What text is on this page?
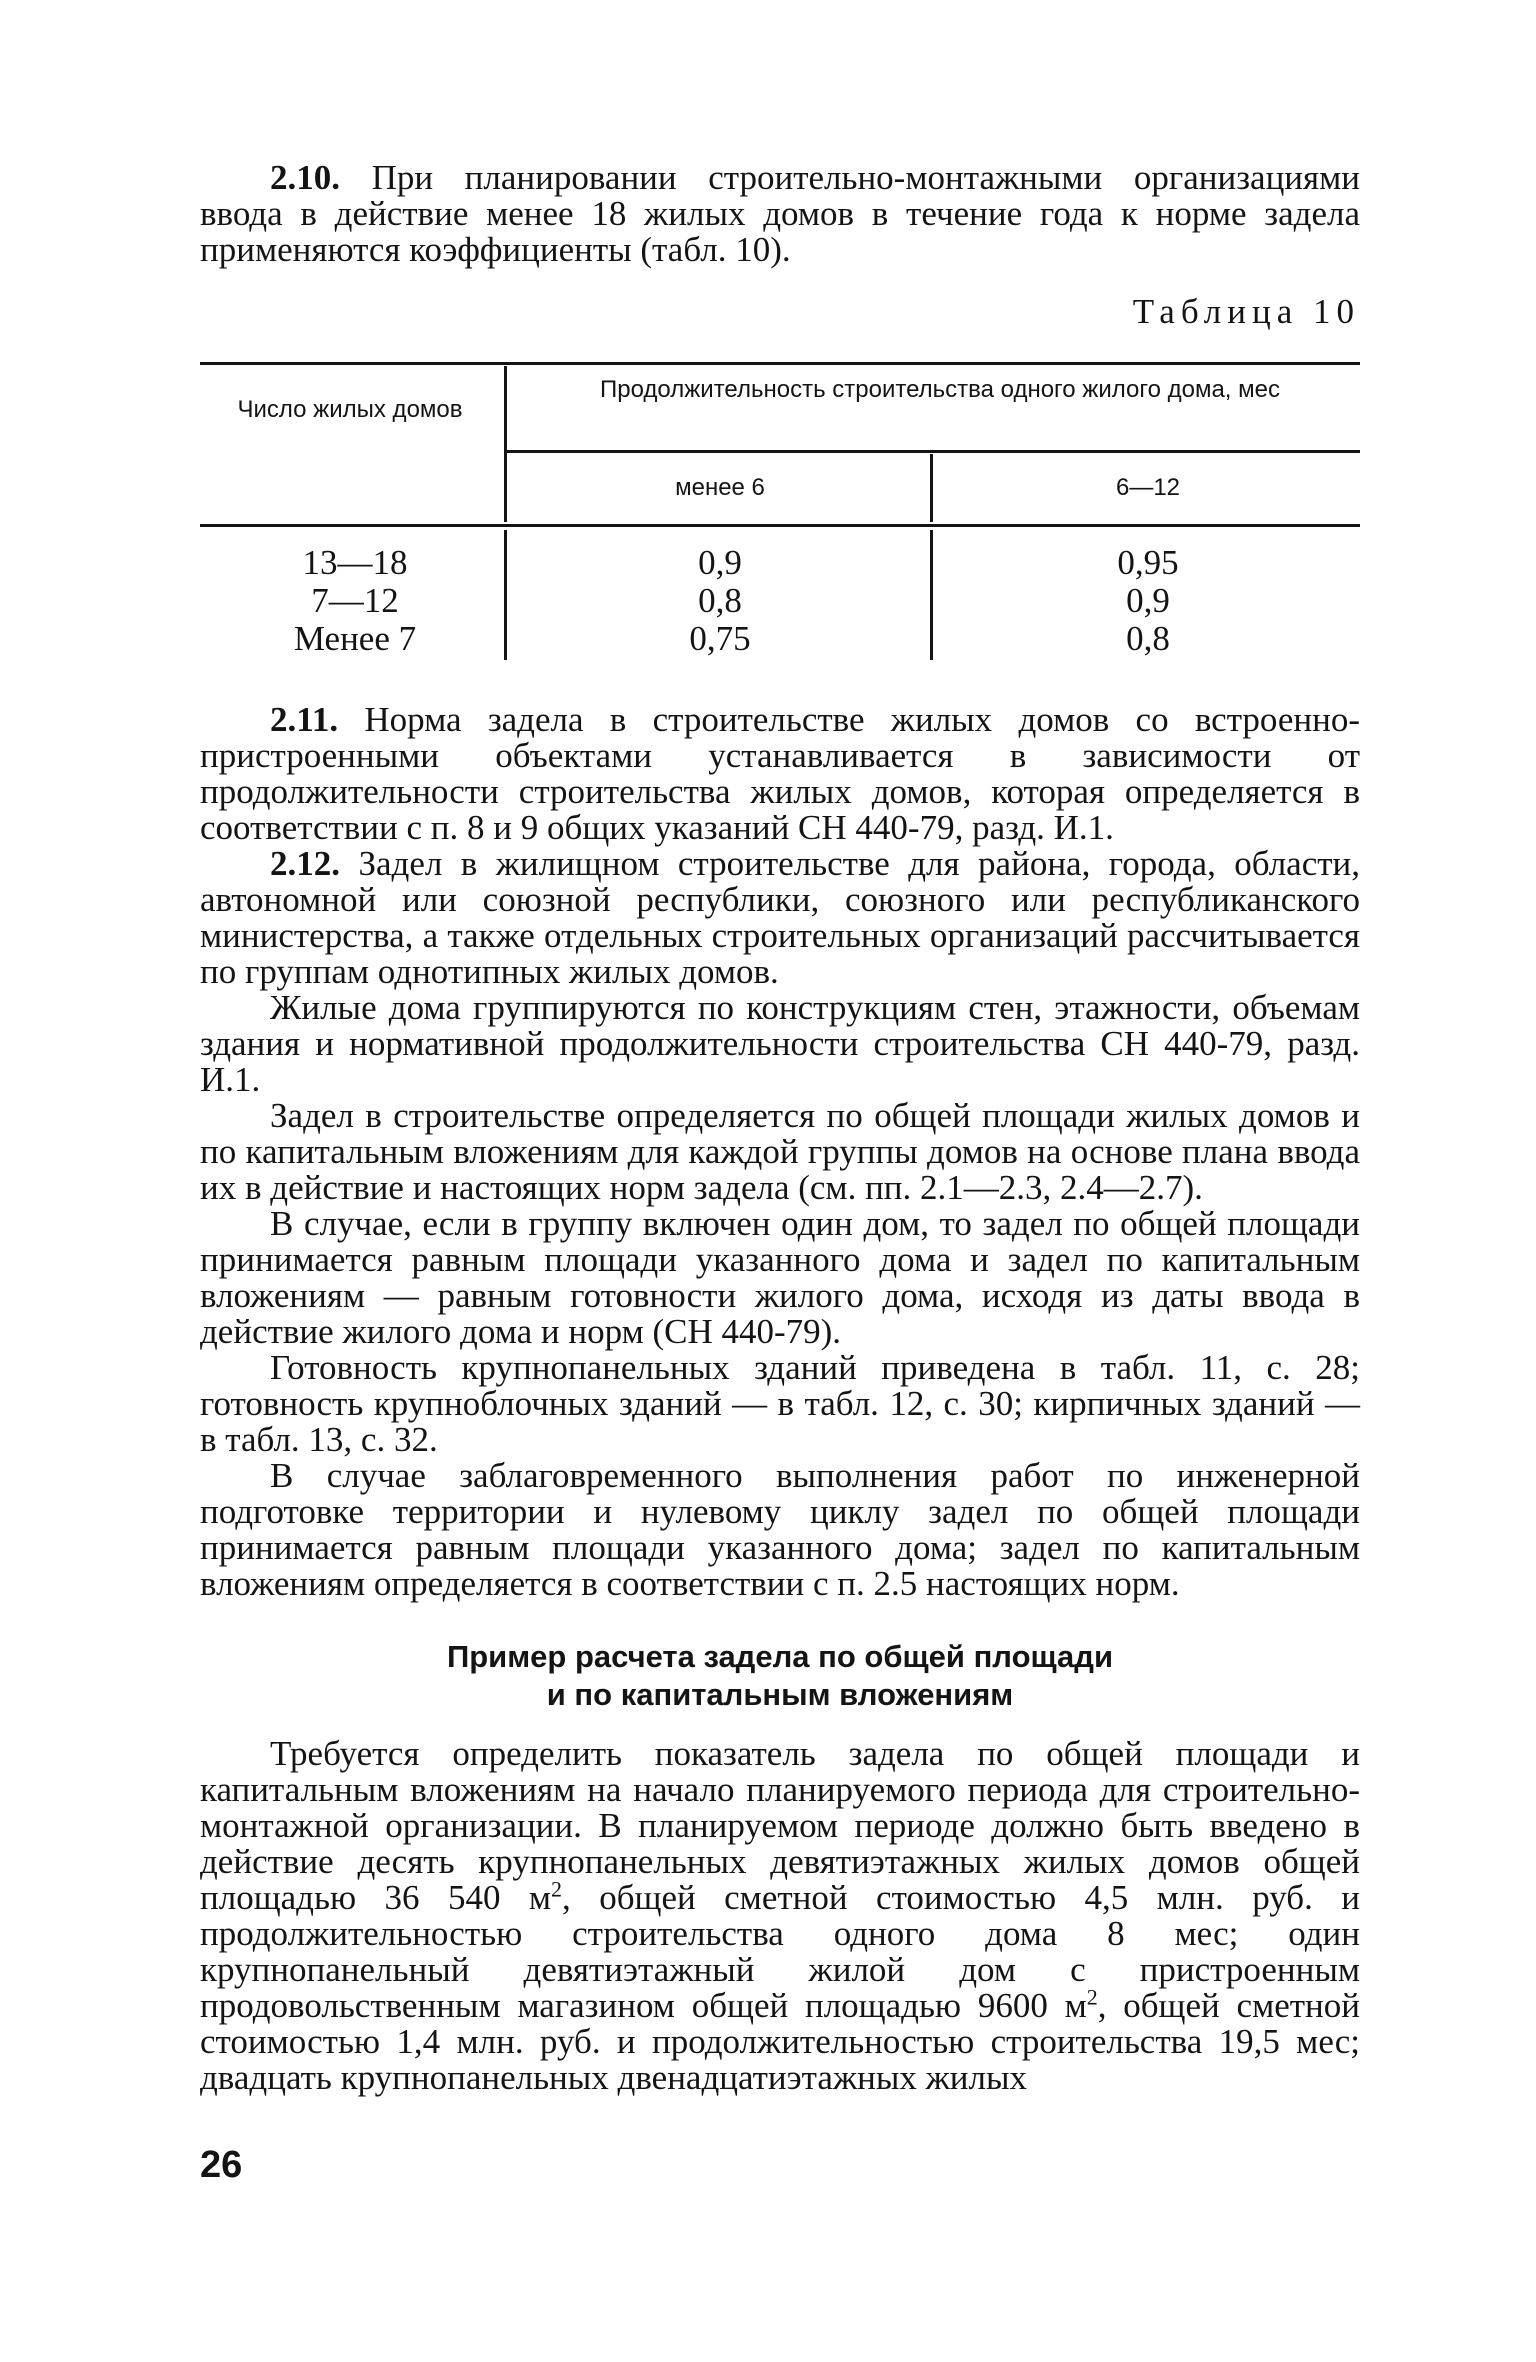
2.10. При планировании строительно-монтажными организациями ввода в действие менее 18 жилых домов в течение года к норме задела применяются коэффициенты (табл. 10).

Таблица 10
Число жилых домов
Продолжительность строительства одного жилого дома, мес
менее 6	6—12
13—18
7—12
Менее 7
0,9
0,8
0,75
0,95
0,9
0,8

2.11. Норма задела в строительстве жилых домов со встроенно-пристроенными объектами устанавливается в зависимости от продолжительности строительства жилых домов, которая определяется в соответствии с п. 8 и 9 общих указаний СН 440-79, разд. И.1.

2.12. Задел в жилищном строительстве для района, города, области, автономной или союзной республики, союзного или республиканского министерства, а также отдельных строительных организаций рассчитывается по группам однотипных жилых домов.

Жилые дома группируются по конструкциям стен, этажности, объемам здания и нормативной продолжительности строительства СН 440-79, разд. И.1.

Задел в строительстве определяется по общей площади жилых домов и по капитальным вложениям для каждой группы домов на основе плана ввода их в действие и настоящих норм задела (см. пп. 2.1—2.3, 2.4—2.7).

В случае, если в группу включен один дом, то задел по общей площади принимается равным площади указанного дома и задел по капитальным вложениям — равным готовности жилого дома, исходя из даты ввода в действие жилого дома и норм (СН 440-79).

Готовность крупнопанельных зданий приведена в табл. 11, с. 28; готовность крупноблочных зданий — в табл. 12, с. 30; кирпичных зданий — в табл. 13, с. 32.

В случае заблаговременного выполнения работ по инженерной подготовке территории и нулевому циклу задел по общей площади принимается равным площади указанного дома; задел по капитальным вложениям определяется в соответствии с п. 2.5 настоящих норм.

Пример расчета задела по общей площади
и по капитальным вложениям

Требуется определить показатель задела по общей площади и капитальным вложениям на начало планируемого периода для строительно-монтажной организации. В планируемом периоде должно быть введено в действие десять крупнопанельных девятиэтажных жилых домов общей площадью 36 540 $м^2$, общей сметной стоимостью 4,5 млн. руб. и продолжительностью строительства одного дома 8 мес; один крупнопанельный девятиэтажный жилой дом с пристроенным продовольственным магазином общей площадью 9600 $м^2$, общей сметной стоимостью 1,4 млн. руб. и продолжительностью строительства 19,5 мес; двадцать крупнопанельных двенадцатиэтажных жилых

26
